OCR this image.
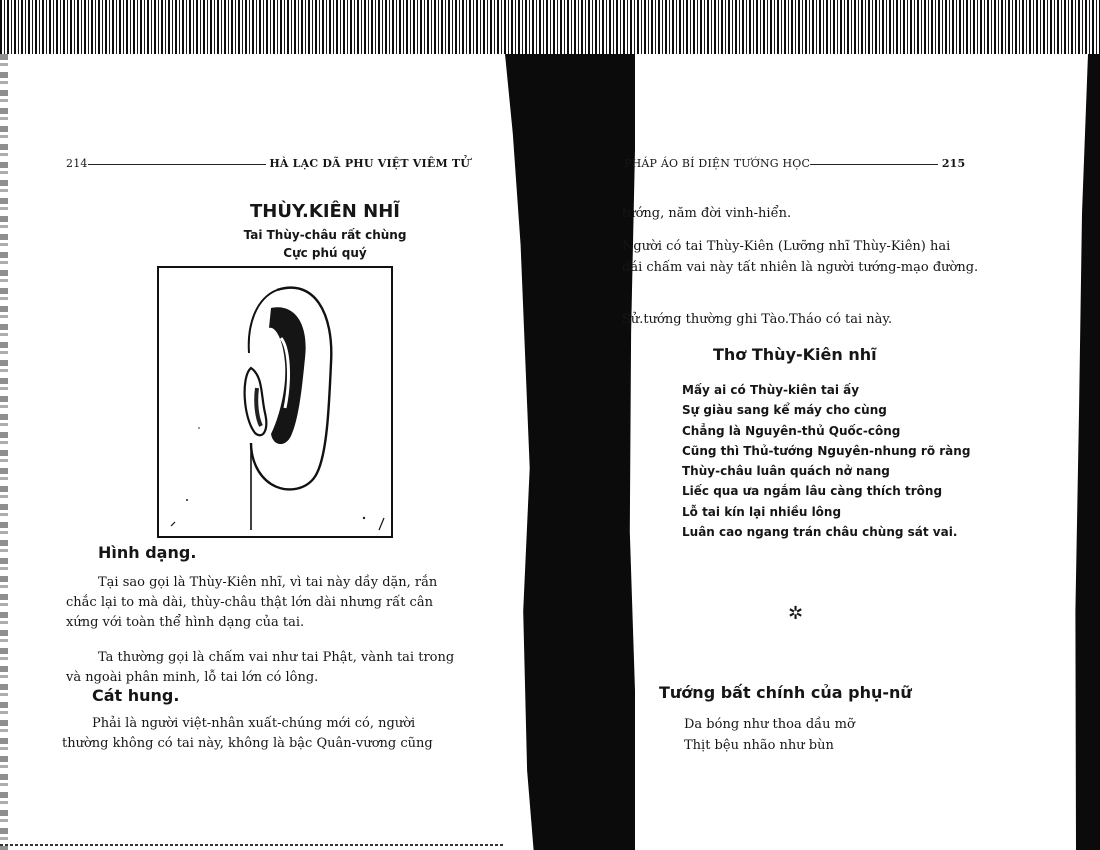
214	HÀ LẠC DÃ PHU VIỆT VIÊM TỬ
THÙY.KIÊN NHĨ
Tai Thùy-châu rất chùng
Cực phú quý
Hình dạng.
Tại sao gọi là Thùy-Kiên nhĩ, vì tai này dầy dặn, rắn
chắc lại to mà dài, thùy-châu thật lớn dài nhưng rất cân
xứng với toàn thể hình dạng của tai.
Ta thường gọi là chấm vai như tai Phật, vành tai trong
và ngoài phân minh, lỗ tai lớn có lông.
Cát hung.
Phải là người việt-nhân xuất-chúng mới có, người
thường không có tai này, không là bậc Quân-vương cũng
PHÁP ÁO BÍ DIỆN TƯỚNG HỌC	215
tướng, năm đời vinh-hiển.
Người có tai Thùy-Kiên (Lưỡng nhĩ Thùy-Kiên) hai
dái chấm vai này tất nhiên là người tướng-mạo đường.
Sử.tướng thường ghi Tào.Tháo có tai này.
Thơ Thùy-Kiên nhĩ
Mấy ai có Thùy-kiên tai ấy
Sự giàu sang kể máy cho cùng
Chẳng là Nguyên-thủ Quốc-công
Cũng thì Thủ-tướng Nguyên-nhung rõ ràng
Thùy-châu luân quách nở nang
Liếc qua ưa ngắm lâu càng thích trông
Lỗ tai kín lại nhiều lông
Luân cao ngang trán châu chùng sát vai.
✲
Tướng bất chính của phụ-nữ
Da bóng như thoa dầu mỡ
Thịt bệu nhão như bùn
